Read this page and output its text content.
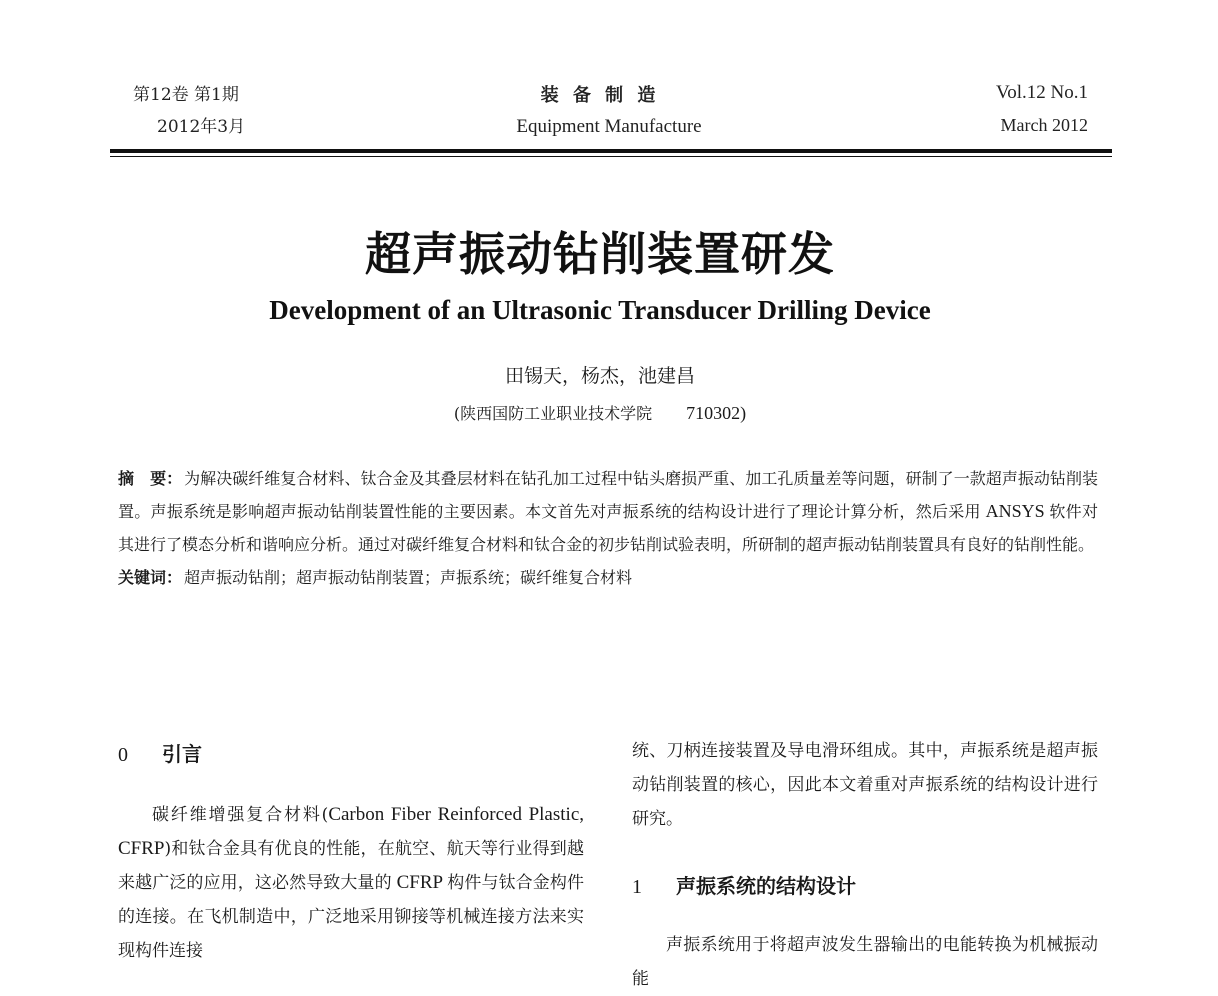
第12卷 第1期
2012年3月
装 备 制 造
Equipment Manufacture
Vol.12 No.1
March 2012
超声振动钻削装置研发
Development of an Ultrasonic Transducer Drilling Device
田锡天，杨杰，池建昌
(陕西国防工业职业技术学院 710302)
摘　要： 为解决碳纤维复合材料、钛合金及其叠层材料在钻孔加工过程中钻头磨损严重、加工孔质量差等问题，研制了一款超声振动钻削装置。声振系统是影响超声振动钻削装置性能的主要因素。本文首先对声振系统的结构设计进行了理论计算分析，然后采用 ANSYS 软件对其进行了模态分析和谐响应分析。通过对碳纤维复合材料和钛合金的初步钻削试验表明，所研制的超声振动钻削装置具有良好的钻削性能。
关键词： 超声振动钻削；超声振动钻削装置；声振系统；碳纤维复合材料
0 引言
碳纤维增强复合材料(Carbon Fiber Reinforced Plastic, CFRP)和钛合金具有优良的性能，在航空、航天等行业得到越来越广泛的应用，这必然导致大量的 CFRP 构件与钛合金构件的连接。在飞机制造中，广泛地采用铆接等机械连接方法来实现构件连接
统、刀柄连接装置及导电滑环组成。其中，声振系统是超声振动钻削装置的核心，因此本文着重对声振系统的结构设计进行研究。
1 声振系统的结构设计
声振系统用于将超声波发生器输出的电能转换为机械振动能
